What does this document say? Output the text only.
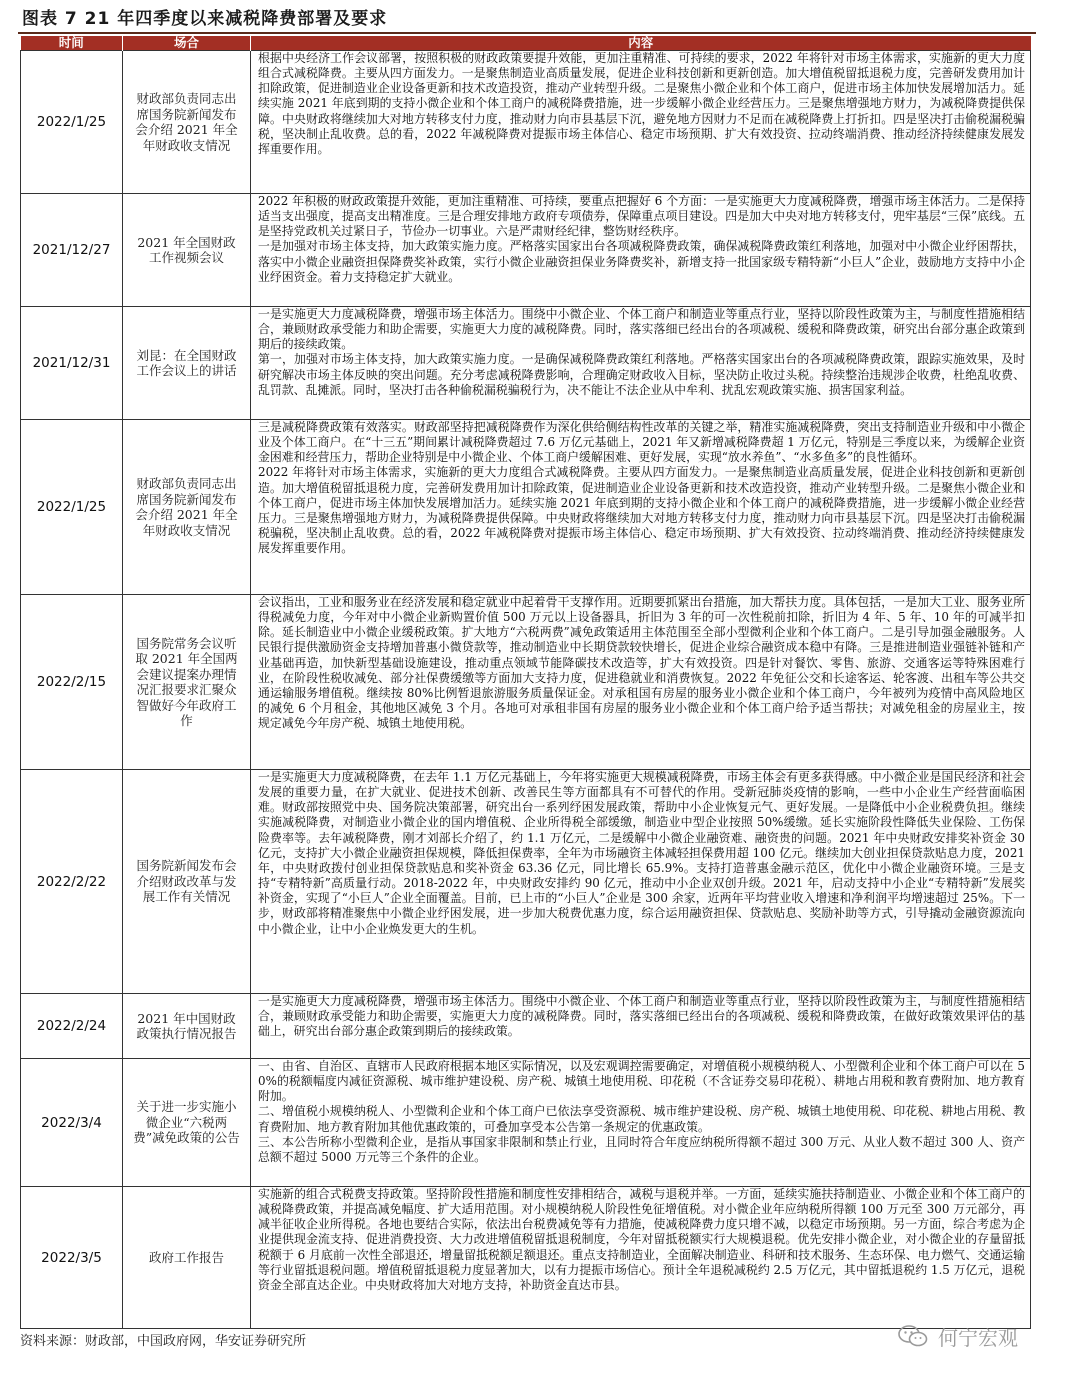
图表 7 21 年四季度以来减税降费部署及要求
时间	场合	内容
2022/1/25	财政部负责同志出席国务院新闻发布会介绍 2021 年全年财政收支情况	根据中央经济工作会议部署，按照积极的财政政策要提升效能，更加注重精准、可持续的要求，2022 年将针对市场主体需求，实施新的更大力度组合式减税降费。主要从四方面发力。一是聚焦制造业高质量发展，促进企业科技创新和更新创造。加大增值税留抵退税力度，完善研发费用加计扣除政策，促进制造业企业设备更新和技术改造投资，推动产业转型升级。二是聚焦小微企业和个体工商户，促进市场主体加快发展增加活力。延续实施 2021 年底到期的支持小微企业和个体工商户的减税降费措施，进一步缓解小微企业经营压力。三是聚焦增强地方财力，为减税降费提供保障。中央财政将继续加大对地方转移支付力度，推动财力向市县基层下沉，避免地方因财力不足而在减税降费上打折扣。四是坚决打击偷税漏税骗税，坚决制止乱收费。总的看，2022 年减税降费对提振市场主体信心、稳定市场预期、扩大有效投资、拉动终端消费、推动经济持续健康发展发挥重要作用。
2021/12/27	2021 年全国财政工作视频会议	2022 年积极的财政政策提升效能，更加注重精准、可持续，要重点把握好 6 个方面：一是实施更大力度减税降费，增强市场主体活力。二是保持适当支出强度，提高支出精准度。三是合理安排地方政府专项债券，保障重点项目建设。四是加大中央对地方转移支付，兜牢基层“三保”底线。五是坚持党政机关过紧日子，节俭办一切事业。六是严肃财经纪律，整饬财经秩序。
一是加强对市场主体支持，加大政策实施力度。严格落实国家出台各项减税降费政策，确保减税降费政策红利落地，加强对中小微企业纾困帮扶，落实中小微企业融资担保降费奖补政策，实行小微企业融资担保业务降费奖补，新增支持一批国家级专精特新“小巨人”企业，鼓励地方支持中小企业纾困资金。着力支持稳定扩大就业。
2021/12/31	刘昆：在全国财政工作会议上的讲话	一是实施更大力度减税降费，增强市场主体活力。围绕中小微企业、个体工商户和制造业等重点行业，坚持以阶段性政策为主，与制度性措施相结合，兼顾财政承受能力和助企需要，实施更大力度的减税降费。同时，落实落细已经出台的各项减税、缓税和降费政策，研究出台部分惠企政策到期后的接续政策。
第一，加强对市场主体支持，加大政策实施力度。一是确保减税降费政策红利落地。严格落实国家出台的各项减税降费政策，跟踪实施效果，及时研究解决市场主体反映的突出问题。充分考虑减税降费影响，合理确定财政收入目标，坚决防止收过头税。持续整治违规涉企收费，杜绝乱收费、乱罚款、乱摊派。同时，坚决打击各种偷税漏税骗税行为，决不能让不法企业从中牟利、扰乱宏观政策实施、损害国家利益。
2022/1/25	财政部负责同志出席国务院新闻发布会介绍 2021 年全年财政收支情况	三是减税降费政策有效落实。财政部坚持把减税降费作为深化供给侧结构性改革的关键之举，精准实施减税降费，突出支持制造业升级和中小微企业及个体工商户。在“十三五”期间累计减税降费超过 7.6 万亿元基础上，2021 年又新增减税降费超 1 万亿元，特别是三季度以来，为缓解企业资金困难和经营压力，帮助企业特别是中小微企业、个体工商户缓解困难、更好发展，实现“放水养鱼”、“水多鱼多”的良性循环。
2022 年将针对市场主体需求，实施新的更大力度组合式减税降费。主要从四方面发力。一是聚焦制造业高质量发展，促进企业科技创新和更新创造。加大增值税留抵退税力度，完善研发费用加计扣除政策，促进制造业企业设备更新和技术改造投资，推动产业转型升级。二是聚焦小微企业和个体工商户，促进市场主体加快发展增加活力。延续实施 2021 年底到期的支持小微企业和个体工商户的减税降费措施，进一步缓解小微企业经营压力。三是聚焦增强地方财力，为减税降费提供保障。中央财政将继续加大对地方转移支付力度，推动财力向市县基层下沉。四是坚决打击偷税漏税骗税，坚决制止乱收费。总的看，2022 年减税降费对提振市场主体信心、稳定市场预期、扩大有效投资、拉动终端消费、推动经济持续健康发展发挥重要作用。
2022/2/15	国务院常务会议听取 2021 年全国两会建议提案办理情况汇报要求汇聚众智做好今年政府工作	会议指出，工业和服务业在经济发展和稳定就业中起着骨干支撑作用。近期要抓紧出台措施，加大帮扶力度。具体包括，一是加大工业、服务业所得税减免力度，今年对中小微企业新购置价值 500 万元以上设备器具，折旧为 3 年的可一次性税前扣除，折旧为 4 年、5 年、10 年的可减半扣除。延长制造业中小微企业缓税政策。扩大地方“六税两费”减免政策适用主体范围至全部小型微利企业和个体工商户。二是引导加强金融服务。人民银行提供激励资金支持增加普惠小微贷款等，推动制造业中长期贷款较快增长，促进企业综合融资成本稳中有降。三是推进制造业强链补链和产业基础再造，加快新型基础设施建设，推动重点领域节能降碳技术改造等，扩大有效投资。四是针对餐饮、零售、旅游、交通客运等特殊困难行业，在阶段性税收减免、部分社保费缓缴等方面加大支持力度，促进稳就业和消费恢复。2022 年免征公交和长途客运、轮客渡、出租车等公共交通运输服务增值税。继续按 80%比例暂退旅游服务质量保证金。对承租国有房屋的服务业小微企业和个体工商户，今年被列为疫情中高风险地区的减免 6 个月租金，其他地区减免 3 个月。各地可对承租非国有房屋的服务业小微企业和个体工商户给予适当帮扶；对减免租金的房屋业主，按规定减免今年房产税、城镇土地使用税。
2022/2/22	国务院新闻发布会介绍财政改革与发展工作有关情况	一是实施更大力度减税降费，在去年 1.1 万亿元基础上，今年将实施更大规模减税降费，市场主体会有更多获得感。中小微企业是国民经济和社会发展的重要力量，在扩大就业、促进技术创新、改善民生等方面都具有不可替代的作用。受新冠肺炎疫情的影响，一些中小企业生产经营面临困难。财政部按照党中央、国务院决策部署，研究出台一系列纾困发展政策，帮助中小企业恢复元气、更好发展。一是降低中小企业税费负担。继续实施减税降费，对制造业小微企业的国内增值税、企业所得税全部缓缴，制造业中型企业按照 50%缓缴。延长实施阶段性降低失业保险、工伤保险费率等。去年减税降费，刚才刘部长介绍了，约 1.1 万亿元，二是缓解中小微企业融资难、融资贵的问题。2021 年中央财政安排奖补资金 30 亿元，支持扩大小微企业融资担保规模，降低担保费率，全年为市场融资主体减轻担保费用超 100 亿元。继续加大创业担保贷款贴息力度，2021 年，中央财政拨付创业担保贷款贴息和奖补资金 63.36 亿元，同比增长 65.9%。支持打造普惠金融示范区，优化中小微企业融资环境。三是支持“专精特新”高质量行动。2018-2022 年，中央财政安排约 90 亿元，推动中小企业双创升级。2021 年，启动支持中小企业“专精特新”发展奖补资金，实现了“小巨人”企业全面覆盖。目前，已上市的“小巨人”企业是 300 余家，近两年平均营业收入增速和净利润平均增速超过 25%。下一步，财政部将精准聚焦中小微企业纾困发展，进一步加大税费优惠力度，综合运用融资担保、贷款贴息、奖励补助等方式，引导撬动金融资源流向中小微企业，让中小企业焕发更大的生机。
2022/2/24	2021 年中国财政政策执行情况报告	一是实施更大力度减税降费，增强市场主体活力。围绕中小微企业、个体工商户和制造业等重点行业，坚持以阶段性政策为主，与制度性措施相结合，兼顾财政承受能力和助企需要，实施更大力度的减税降费。同时，落实落细已经出台的各项减税、缓税和降费政策，在做好政策效果评估的基础上，研究出台部分惠企政策到期后的接续政策。
2022/3/4	关于进一步实施小微企业“六税两费”减免政策的公告	一、由省、自治区、直辖市人民政府根据本地区实际情况，以及宏观调控需要确定，对增值税小规模纳税人、小型微利企业和个体工商户可以在 50%的税额幅度内减征资源税、城市维护建设税、房产税、城镇土地使用税、印花税（不含证券交易印花税）、耕地占用税和教育费附加、地方教育附加。
二、增值税小规模纳税人、小型微利企业和个体工商户已依法享受资源税、城市维护建设税、房产税、城镇土地使用税、印花税、耕地占用税、教育费附加、地方教育附加其他优惠政策的，可叠加享受本公告第一条规定的优惠政策。
三、本公告所称小型微利企业，是指从事国家非限制和禁止行业，且同时符合年度应纳税所得额不超过 300 万元、从业人数不超过 300 人、资产总额不超过 5000 万元等三个条件的企业。
2022/3/5	政府工作报告	实施新的组合式税费支持政策。坚持阶段性措施和制度性安排相结合，减税与退税并举。一方面，延续实施扶持制造业、小微企业和个体工商户的减税降费政策，并提高减免幅度、扩大适用范围。对小规模纳税人阶段性免征增值税。对小微企业年应纳税所得额 100 万元至 300 万元部分，再减半征收企业所得税。各地也要结合实际，依法出台税费减免等有力措施，使减税降费力度只增不减，以稳定市场预期。另一方面，综合考虑为企业提供现金流支持、促进消费投资、大力改进增值税留抵退税制度，今年对留抵税额实行大规模退税。优先安排小微企业，对小微企业的存量留抵税额于 6 月底前一次性全部退还，增量留抵税额足额退还。重点支持制造业，全面解决制造业、科研和技术服务、生态环保、电力燃气、交通运输等行业留抵退税问题。增值税留抵退税力度显著加大，以有力提振市场信心。预计全年退税减税约 2.5 万亿元，其中留抵退税约 1.5 万亿元，退税资金全部直达企业。中央财政将加大对地方支持，补助资金直达市县。
资料来源：财政部，中国政府网，华安证券研究所	何宁宏观
